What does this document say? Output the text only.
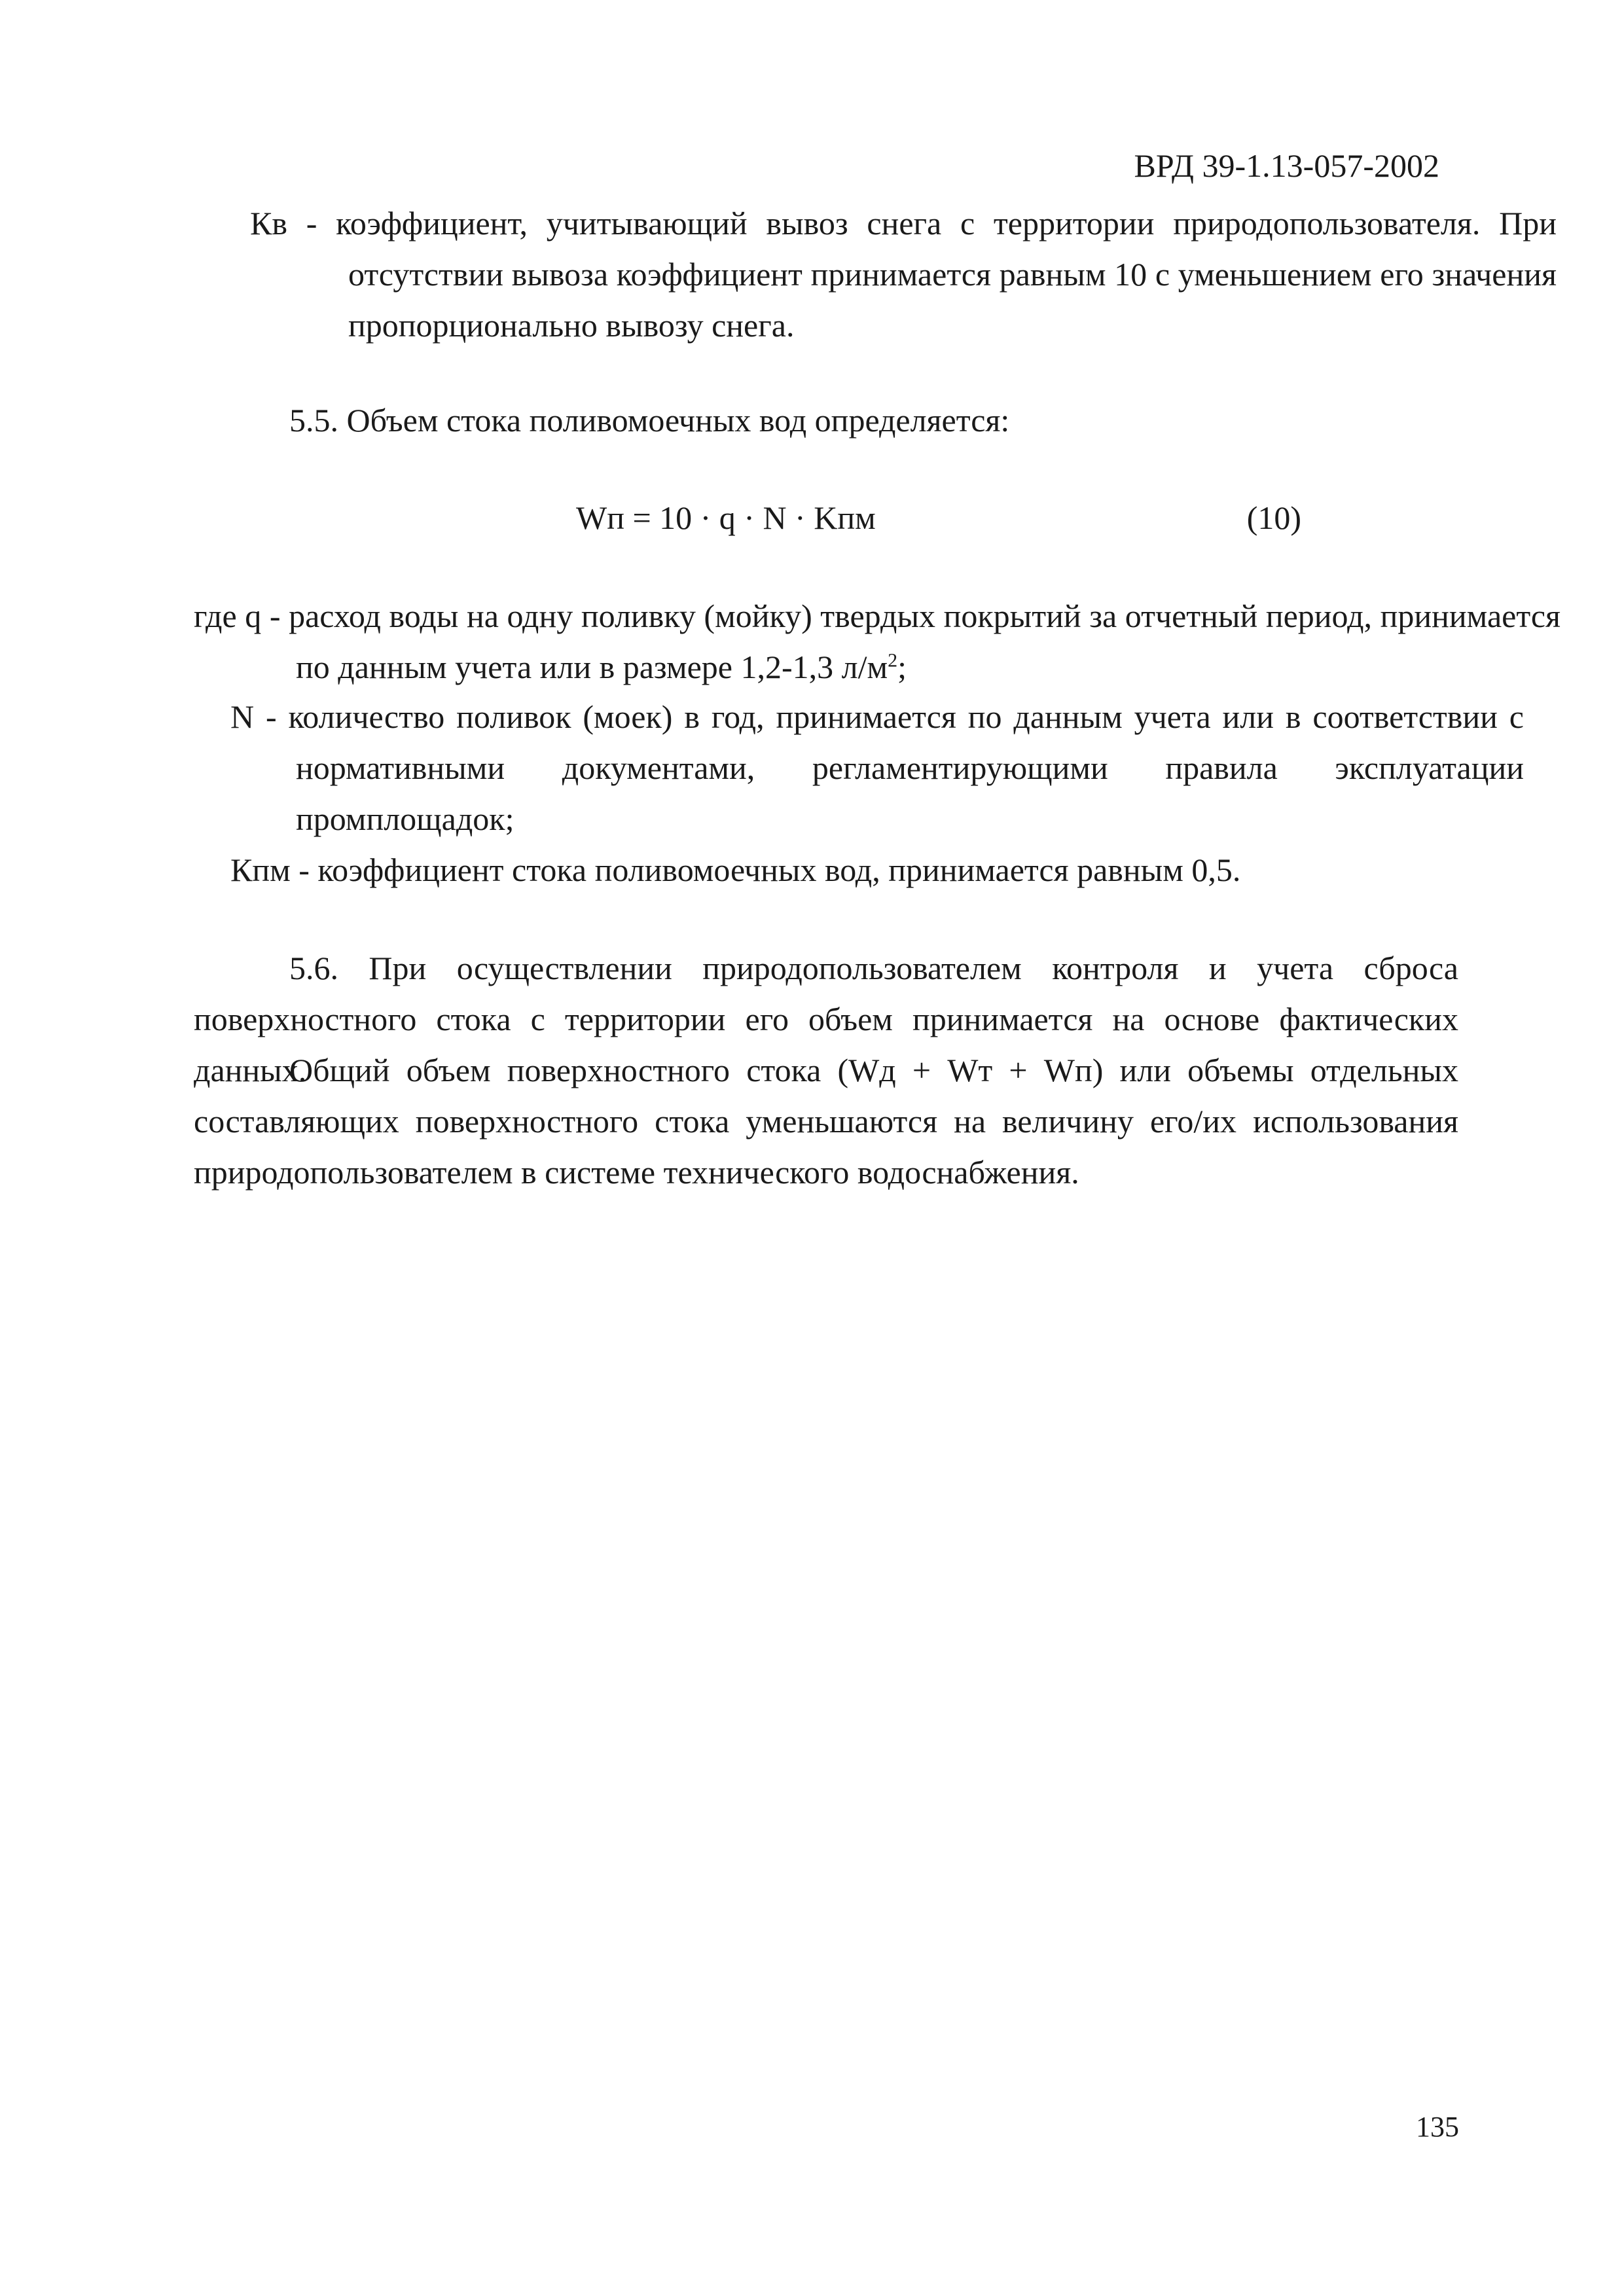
ВРД 39-1.13-057-2002
Кв - коэффициент, учитывающий вывоз снега с территории природопользователя. При отсутствии вывоза коэффициент принимается равным 10 с уменьшением его значения пропорционально вывозу снега.
5.5. Объем стока поливомоечных вод определяется:
Wп = 10 · q · N · Kпм	(10)
где q - расход воды на одну поливку (мойку) твердых покрытий за отчетный период, принимается по данным учета или в размере 1,2-1,3 $л/м^2$;
N - количество поливок (моек) в год, принимается по данным учета или в соответствии с нормативными документами, регламентирующими правила эксплуатации промплощадок;
Кпм - коэффициент стока поливомоечных вод, принимается равным 0,5.
5.6. При осуществлении природопользователем контроля и учета сброса поверхностного стока с территории его объем принимается на основе фактических данных.
Общий объем поверхностного стока (Wд + Wт + Wп) или объемы отдельных составляющих поверхностного стока уменьшаются на величину его/их использования природопользователем в системе технического водоснабжения.
135
